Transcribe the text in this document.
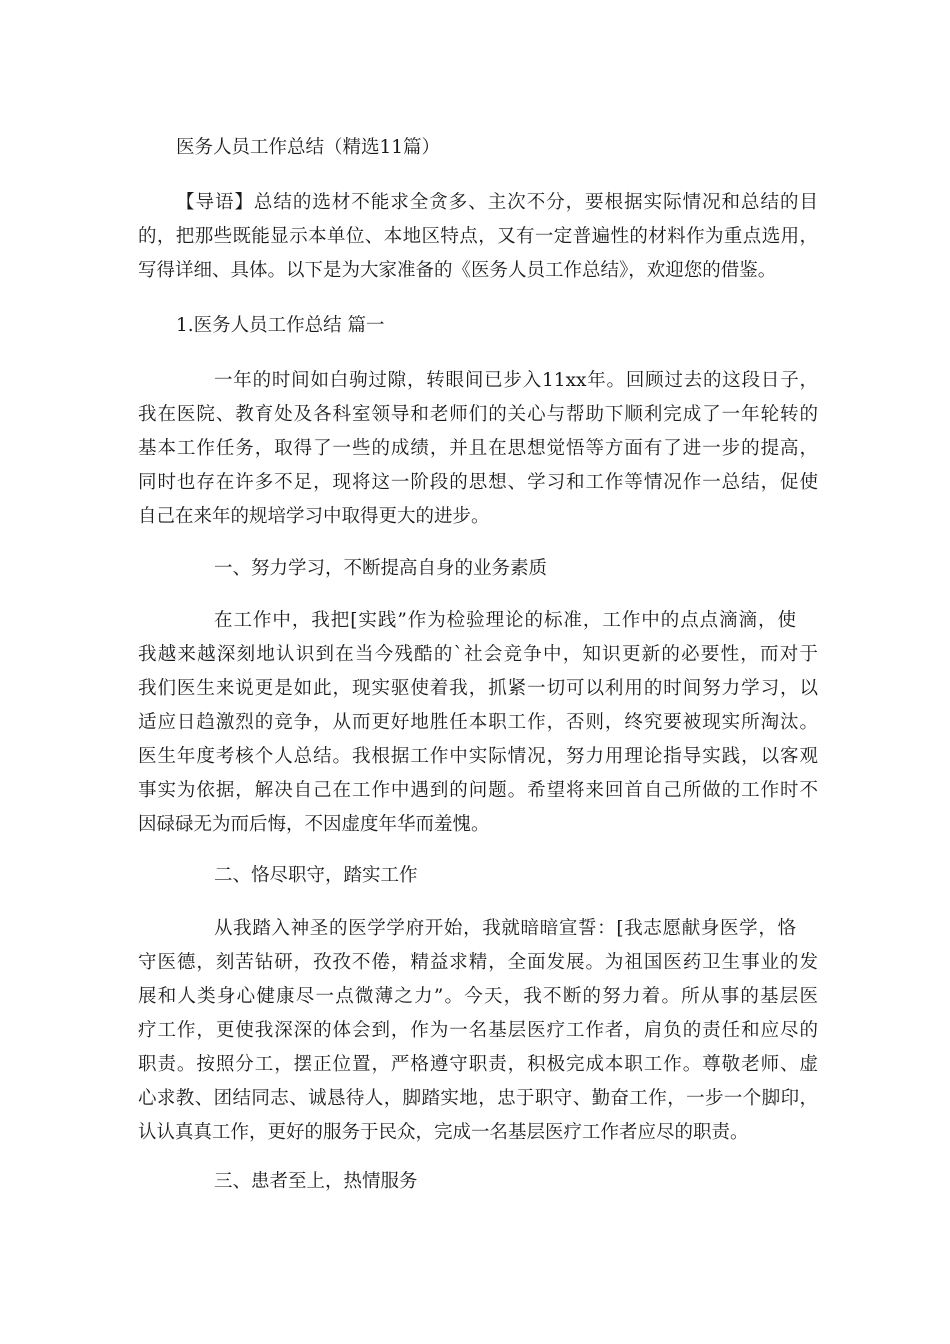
医务人员工作总结（精选11篇）
【导语】总结的选材不能求全贪多、主次不分，要根据实际情况和总结的目
的，把那些既能显示本单位、本地区特点，又有一定普遍性的材料作为重点选用，
写得详细、具体。以下是为大家准备的《医务人员工作总结》，欢迎您的借鉴。
1.医务人员工作总结 篇一
一年的时间如白驹过隙，转眼间已步入11xx年。回顾过去的这段日子，
我在医院、教育处及各科室领导和老师们的关心与帮助下顺利完成了一年轮转的
基本工作任务，取得了一些的成绩，并且在思想觉悟等方面有了进一步的提高，
同时也存在许多不足，现将这一阶段的思想、学习和工作等情况作一总结，促使
自己在来年的规培学习中取得更大的进步。
一、努力学习，不断提高自身的业务素质
在工作中，我把[实践”作为检验理论的标准，工作中的点点滴滴，使
我越来越深刻地认识到在当今残酷的`社会竞争中，知识更新的必要性，而对于
我们医生来说更是如此，现实驱使着我，抓紧一切可以利用的时间努力学习，以
适应日趋激烈的竞争，从而更好地胜任本职工作，否则，终究要被现实所淘汰。
医生年度考核个人总结。我根据工作中实际情况，努力用理论指导实践，以客观
事实为依据，解决自己在工作中遇到的问题。希望将来回首自己所做的工作时不
因碌碌无为而后悔，不因虚度年华而羞愧。
二、恪尽职守，踏实工作
从我踏入神圣的医学学府开始，我就暗暗宣誓：[我志愿献身医学，恪
守医德，刻苦钻研，孜孜不倦，精益求精，全面发展。为祖国医药卫生事业的发
展和人类身心健康尽一点微薄之力”。今天，我不断的努力着。所从事的基层医
疗工作，更使我深深的体会到，作为一名基层医疗工作者，肩负的责任和应尽的
职责。按照分工，摆正位置，严格遵守职责，积极完成本职工作。尊敬老师、虚
心求教、团结同志、诚恳待人，脚踏实地，忠于职守、勤奋工作，一步一个脚印，
认认真真工作，更好的服务于民众，完成一名基层医疗工作者应尽的职责。
三、患者至上，热情服务
